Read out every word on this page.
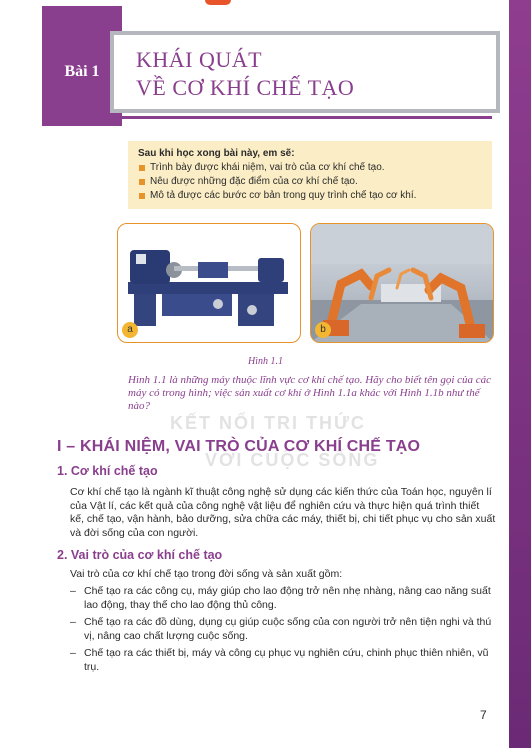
Bài 1	KHÁI QUÁT
VỀ CƠ KHÍ CHẾ TẠO
Sau khi học xong bài này, em sẽ:
Trình bày được khái niệm, vai trò của cơ khí chế tạo.
Nêu được những đặc điểm của cơ khí chế tạo.
Mô tả được các bước cơ bản trong quy trình chế tạo cơ khí.
a	b
Hình 1.1
Hình 1.1 là những máy thuộc lĩnh vực cơ khí chế tạo. Hãy cho biết tên gọi của các máy có trong hình; việc sản xuất cơ khí ở Hình 1.1a khác với Hình 1.1b như thế nào?
KẾT NỐI TRI THỨC
VỚI CUỘC SỐNG
I – KHÁI NIỆM, VAI TRÒ CỦA CƠ KHÍ CHẾ TẠO
1. Cơ khí chế tạo
Cơ khí chế tạo là ngành kĩ thuật công nghệ sử dụng các kiến thức của Toán học, nguyên lí của Vật lí, các kết quả của công nghệ vật liệu để nghiên cứu và thực hiện quá trình thiết kế, chế tạo, vận hành, bảo dưỡng, sửa chữa các máy, thiết bị, chi tiết phục vụ cho sản xuất và đời sống của con người.
2. Vai trò của cơ khí chế tạo
Vai trò của cơ khí chế tạo trong đời sống và sản xuất gồm:
– Chế tạo ra các công cụ, máy giúp cho lao động trở nên nhẹ nhàng, nâng cao năng suất lao động, thay thế cho lao động thủ công.
– Chế tạo ra các đồ dùng, dụng cụ giúp cuộc sống của con người trở nên tiện nghi và thú vị, nâng cao chất lượng cuộc sống.
– Chế tạo ra các thiết bị, máy và công cụ phục vụ nghiên cứu, chinh phục thiên nhiên, vũ trụ.
7
